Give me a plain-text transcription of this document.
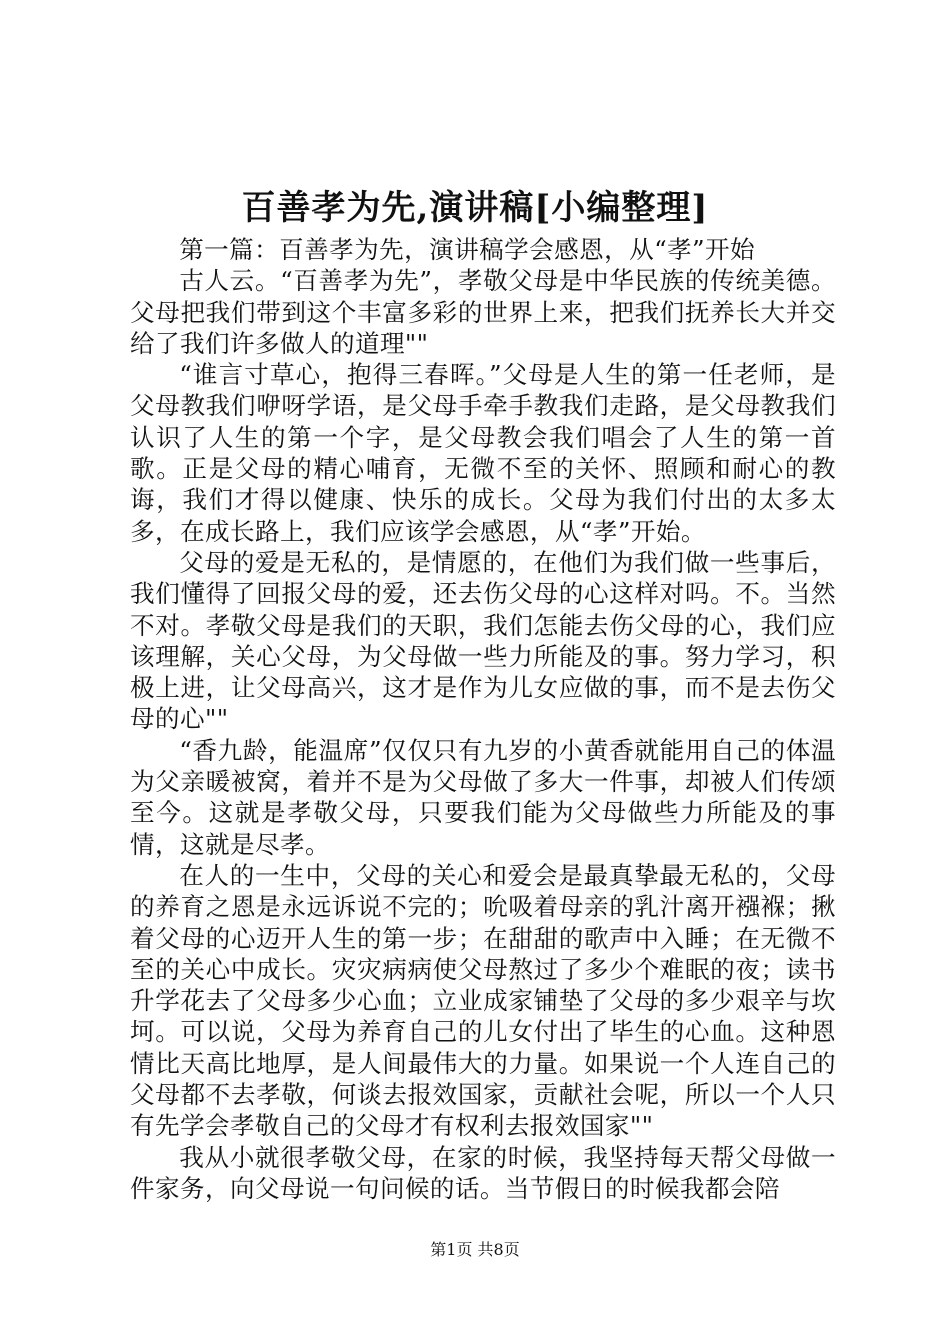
百善孝为先,演讲稿[小编整理]

第一篇：百善孝为先，演讲稿学会感恩，从“孝”开始

古人云。“百善孝为先”，孝敬父母是中华民族的传统美德。父母把我们带到这个丰富多彩的世界上来，把我们抚养长大并交给了我们许多做人的道理""

“谁言寸草心，抱得三春晖。”父母是人生的第一任老师，是父母教我们咿呀学语，是父母手牵手教我们走路，是父母教我们认识了人生的第一个字，是父母教会我们唱会了人生的第一首歌。正是父母的精心哺育，无微不至的关怀、照顾和耐心的教诲，我们才得以健康、快乐的成长。父母为我们付出的太多太多，在成长路上，我们应该学会感恩，从“孝”开始。

父母的爱是无私的，是情愿的，在他们为我们做一些事后，我们懂得了回报父母的爱，还去伤父母的心这样对吗。不。当然不对。孝敬父母是我们的天职，我们怎能去伤父母的心，我们应该理解，关心父母，为父母做一些力所能及的事。努力学习，积极上进，让父母高兴，这才是作为儿女应做的事，而不是去伤父母的心""

“香九龄，能温席”仅仅只有九岁的小黄香就能用自己的体温为父亲暖被窝，着并不是为父母做了多大一件事，却被人们传颂至今。这就是孝敬父母，只要我们能为父母做些力所能及的事情，这就是尽孝。

在人的一生中，父母的关心和爱会是最真挚最无私的，父母的养育之恩是永远诉说不完的；吮吸着母亲的乳汁离开襁褓；揪着父母的心迈开人生的第一步；在甜甜的歌声中入睡；在无微不至的关心中成长。灾灾病病使父母熬过了多少个难眠的夜；读书升学花去了父母多少心血；立业成家铺垫了父母的多少艰辛与坎坷。可以说，父母为养育自己的儿女付出了毕生的心血。这种恩情比天高比地厚，是人间最伟大的力量。如果说一个人连自己的父母都不去孝敬，何谈去报效国家，贡献社会呢，所以一个人只有先学会孝敬自己的父母才有权利去报效国家""

我从小就很孝敬父母，在家的时候，我坚持每天帮父母做一件家务，向父母说一句问候的话。当节假日的时候我都会陪

第1页 共8页
